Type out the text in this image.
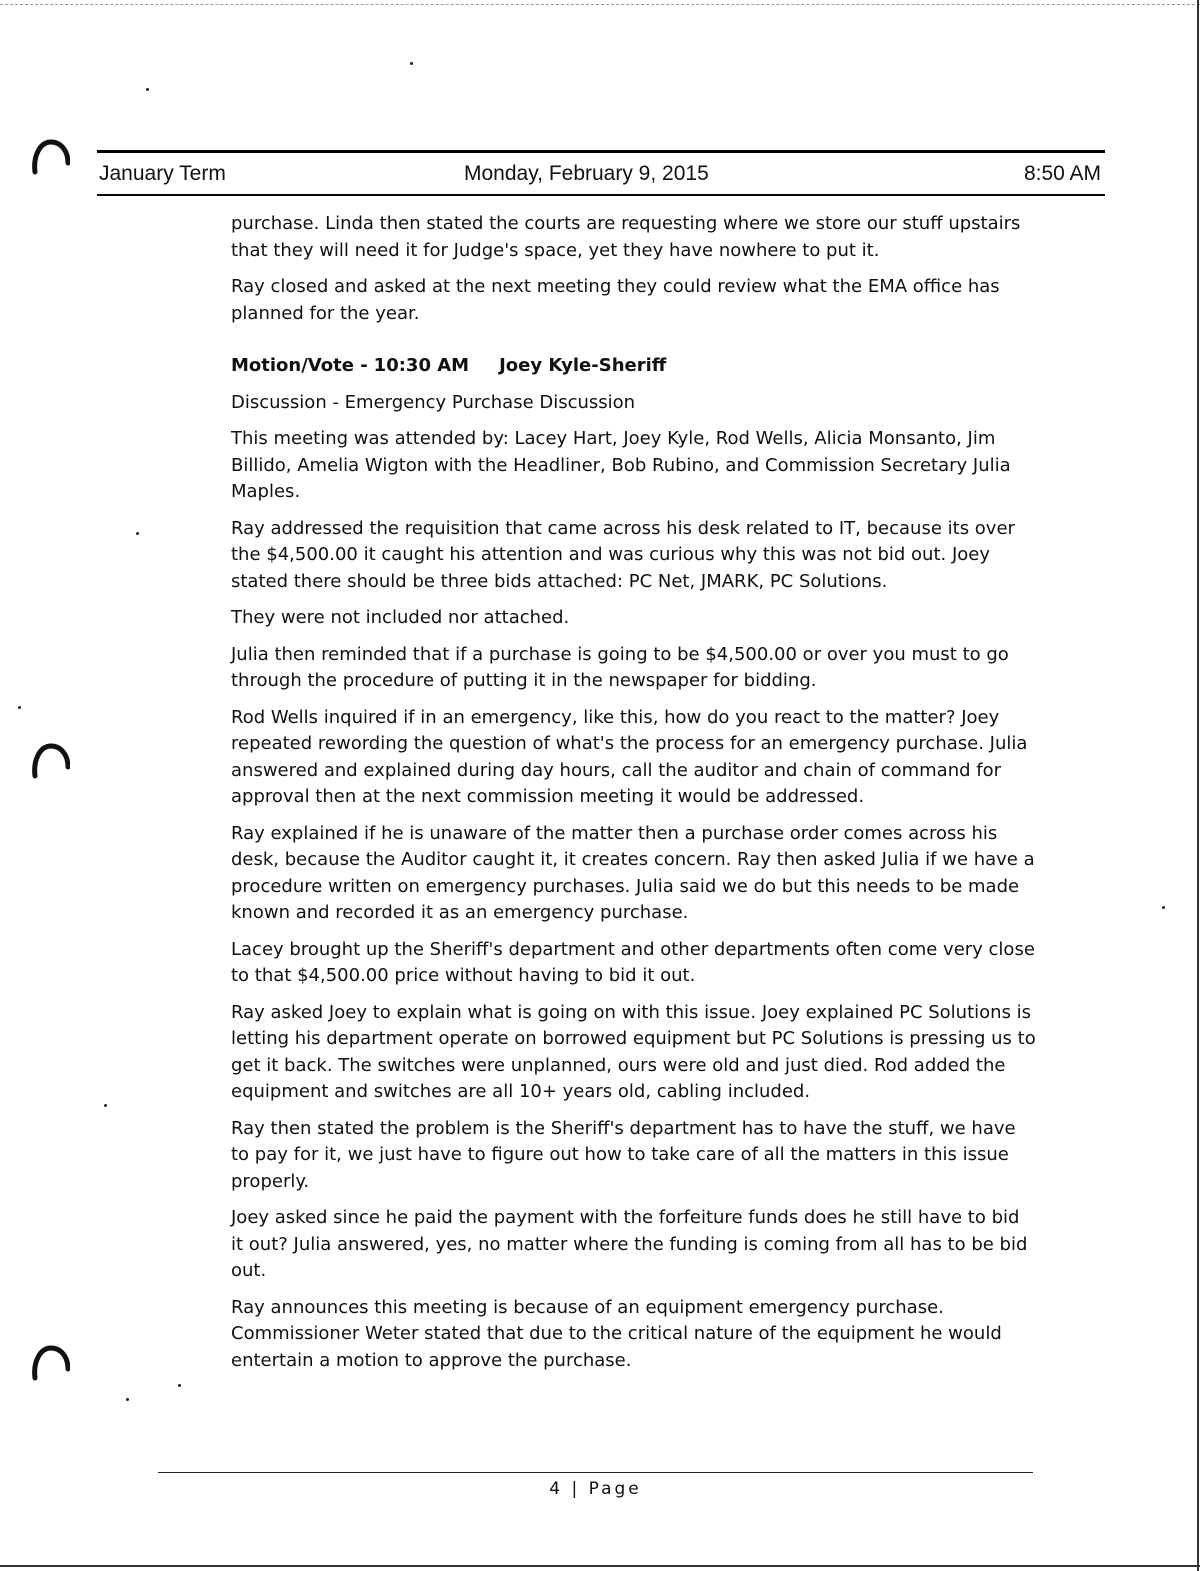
January Term	Monday, February 9, 2015	8:50 AM

purchase. Linda then stated the courts are requesting where we store our stuff upstairs that they will need it for Judge's space, yet they have nowhere to put it.

Ray closed and asked at the next meeting they could review what the EMA office has planned for the year.

Motion/Vote - 10:30 AM Joey Kyle-Sheriff

Discussion - Emergency Purchase Discussion

This meeting was attended by: Lacey Hart, Joey Kyle, Rod Wells, Alicia Monsanto, Jim Billido, Amelia Wigton with the Headliner, Bob Rubino, and Commission Secretary Julia Maples.

Ray addressed the requisition that came across his desk related to IT, because its over the $4,500.00 it caught his attention and was curious why this was not bid out. Joey stated there should be three bids attached: PC Net, JMARK, PC Solutions.

They were not included nor attached.

Julia then reminded that if a purchase is going to be $4,500.00 or over you must to go through the procedure of putting it in the newspaper for bidding.

Rod Wells inquired if in an emergency, like this, how do you react to the matter? Joey repeated rewording the question of what's the process for an emergency purchase. Julia answered and explained during day hours, call the auditor and chain of command for approval then at the next commission meeting it would be addressed.

Ray explained if he is unaware of the matter then a purchase order comes across his desk, because the Auditor caught it, it creates concern. Ray then asked Julia if we have a procedure written on emergency purchases. Julia said we do but this needs to be made known and recorded it as an emergency purchase.

Lacey brought up the Sheriff's department and other departments often come very close to that $4,500.00 price without having to bid it out.

Ray asked Joey to explain what is going on with this issue. Joey explained PC Solutions is letting his department operate on borrowed equipment but PC Solutions is pressing us to get it back. The switches were unplanned, ours were old and just died. Rod added the equipment and switches are all 10+ years old, cabling included.

Ray then stated the problem is the Sheriff's department has to have the stuff, we have to pay for it, we just have to figure out how to take care of all the matters in this issue properly.

Joey asked since he paid the payment with the forfeiture funds does he still have to bid it out? Julia answered, yes, no matter where the funding is coming from all has to be bid out.

Ray announces this meeting is because of an equipment emergency purchase. Commissioner Weter stated that due to the critical nature of the equipment he would entertain a motion to approve the purchase.

4 | Page
